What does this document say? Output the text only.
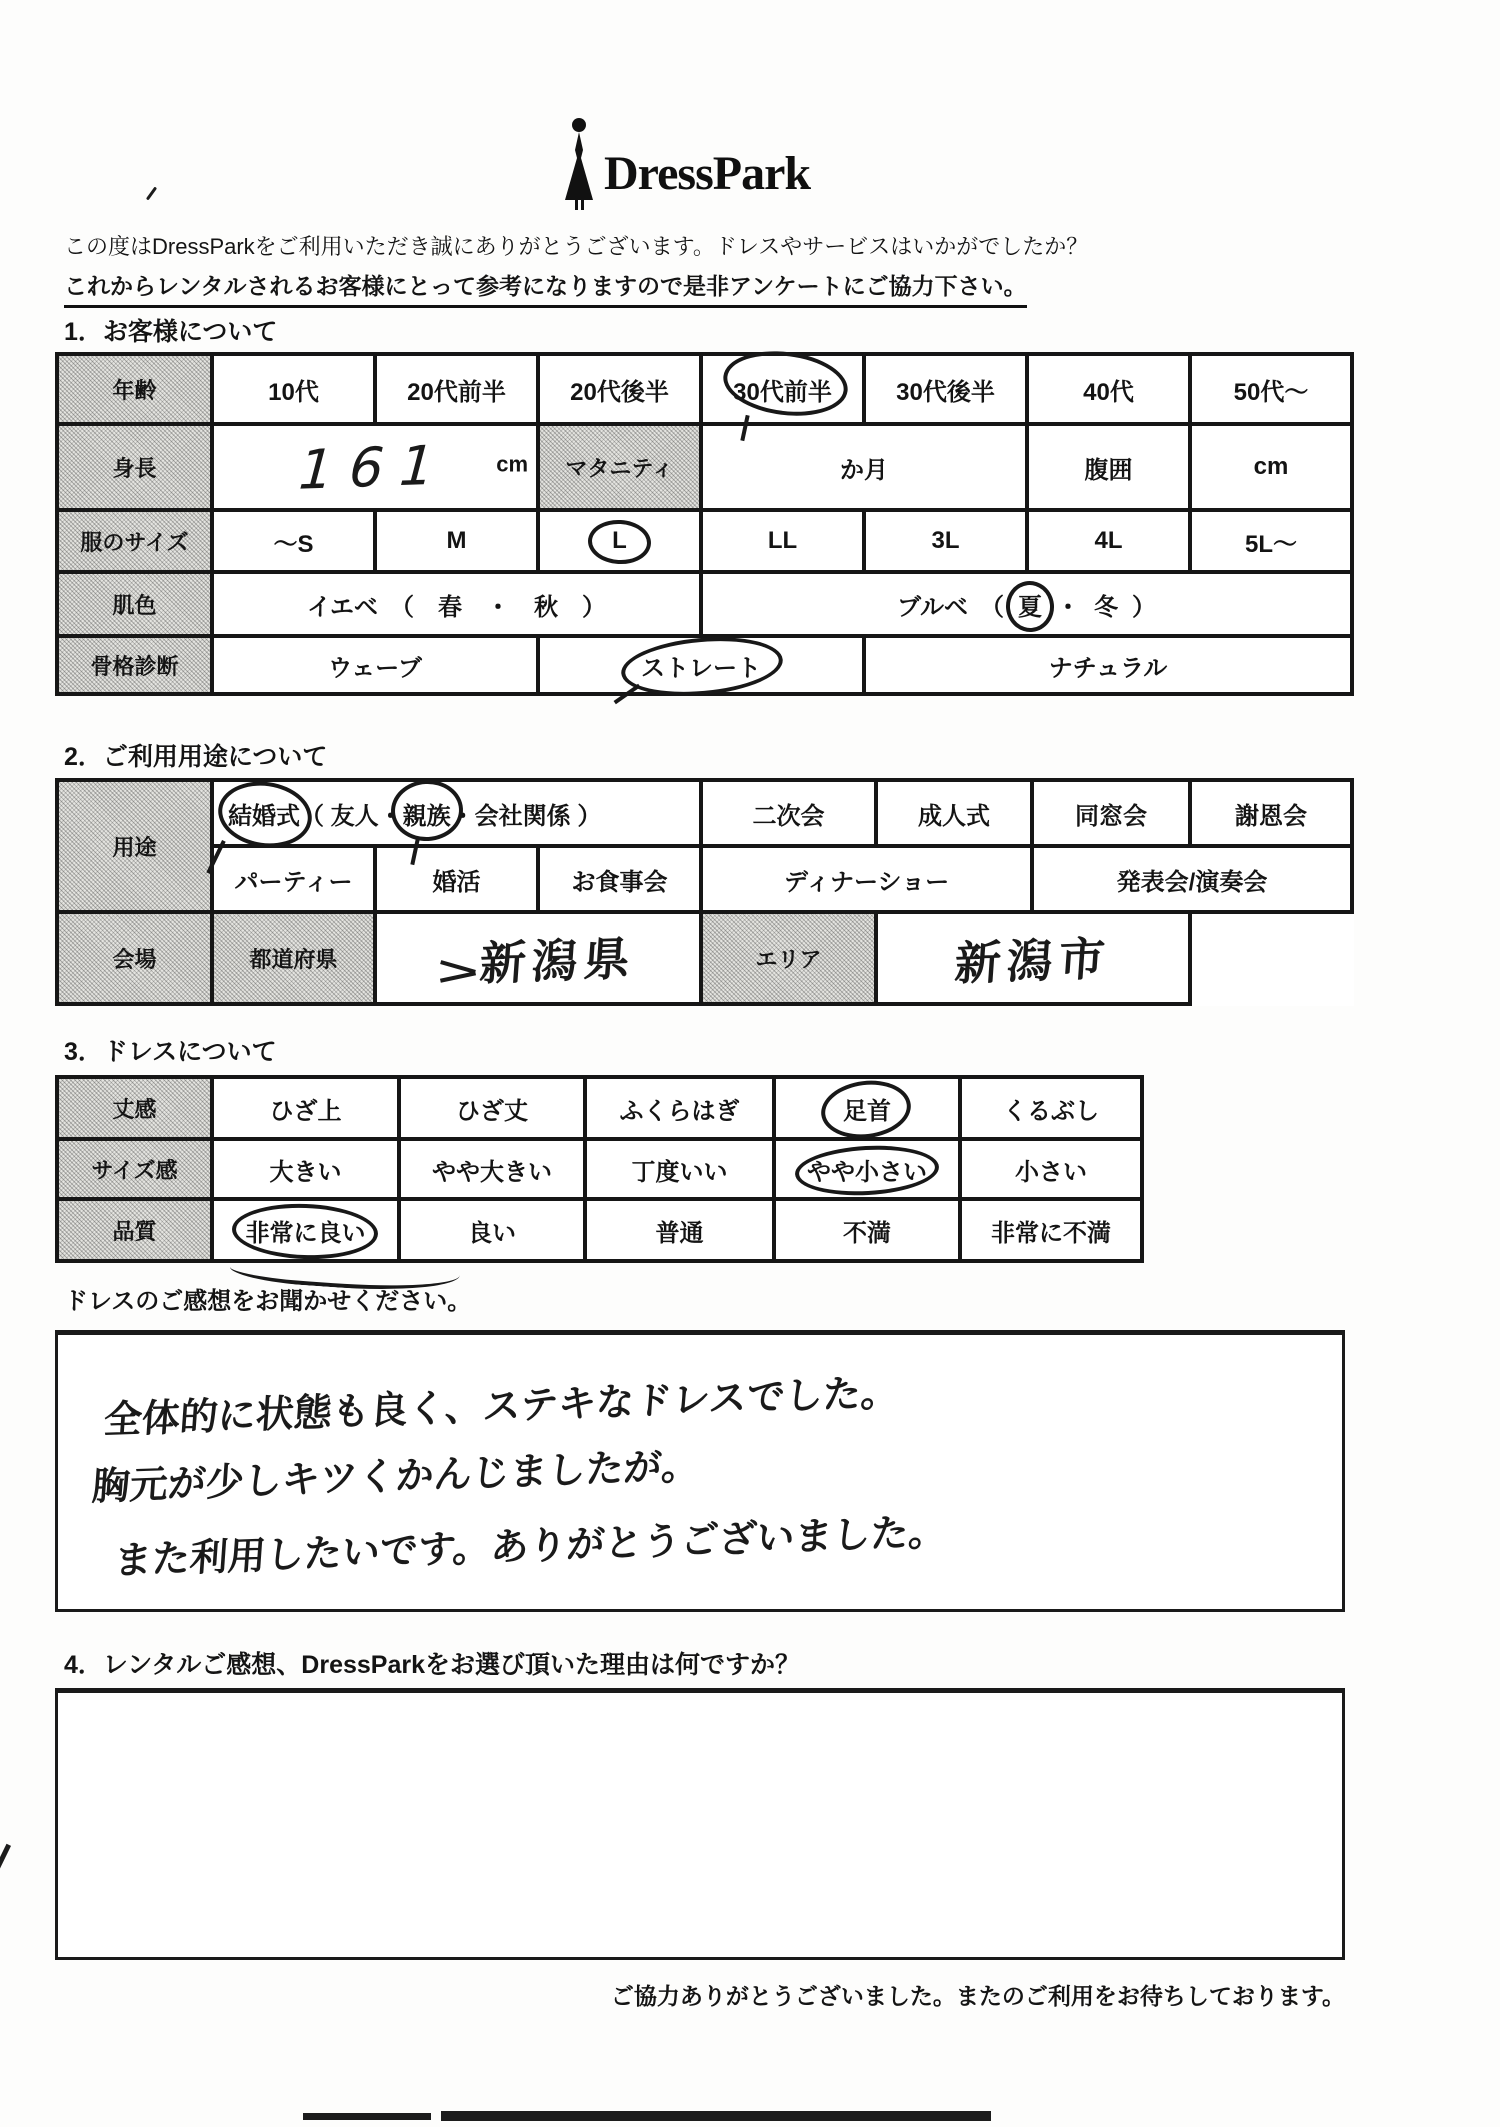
DressPark

この度はDressParkをご利用いただき誠にありがとうございます。ドレスやサービスはいかがでしたか？

これからレンタルされるお客様にとって参考になりますので是非アンケートにご協力下さい。

1．お客様について
年齢	10代	20代前半	20代後半	30代前半	30代後半	40代	50代～
身長	161 cm		マタニティ	か月		腹囲	cm
服のサイズ	～S	M	L	LL	3L	4L	5L～
肌色	イエベ　（　春　・　秋　）			ブルベ　（ 夏 ・ 冬 ）			
骨格診断	ウェーブ		ストレート		ナチュラル		
2．ご利用用途について
用途	結婚式（ 友人・親族・会社関係 ）			二次会	成人式	同窓会	謝恩会
	パーティー	婚活	お食事会	ディナーショー		発表会/演奏会	
会場	都道府県	新潟県		エリア	新潟市		
3．ドレスについて
丈感	ひざ上	ひざ丈	ふくらはぎ	足首	くるぶし
サイズ感	大きい	やや大きい	丁度いい	やや小さい	小さい
品質	非常に良い	良い	普通	不満	非常に不満

ドレスのご感想をお聞かせください。

全体的に状態も良く、ステキなドレスでした。
胸元が少しキツくかんじましたが。
また利用したいです。ありがとうございました。
4．レンタルご感想、DressParkをお選び頂いた理由は何ですか？

ご協力ありがとうございました。またのご利用をお待ちしております。
